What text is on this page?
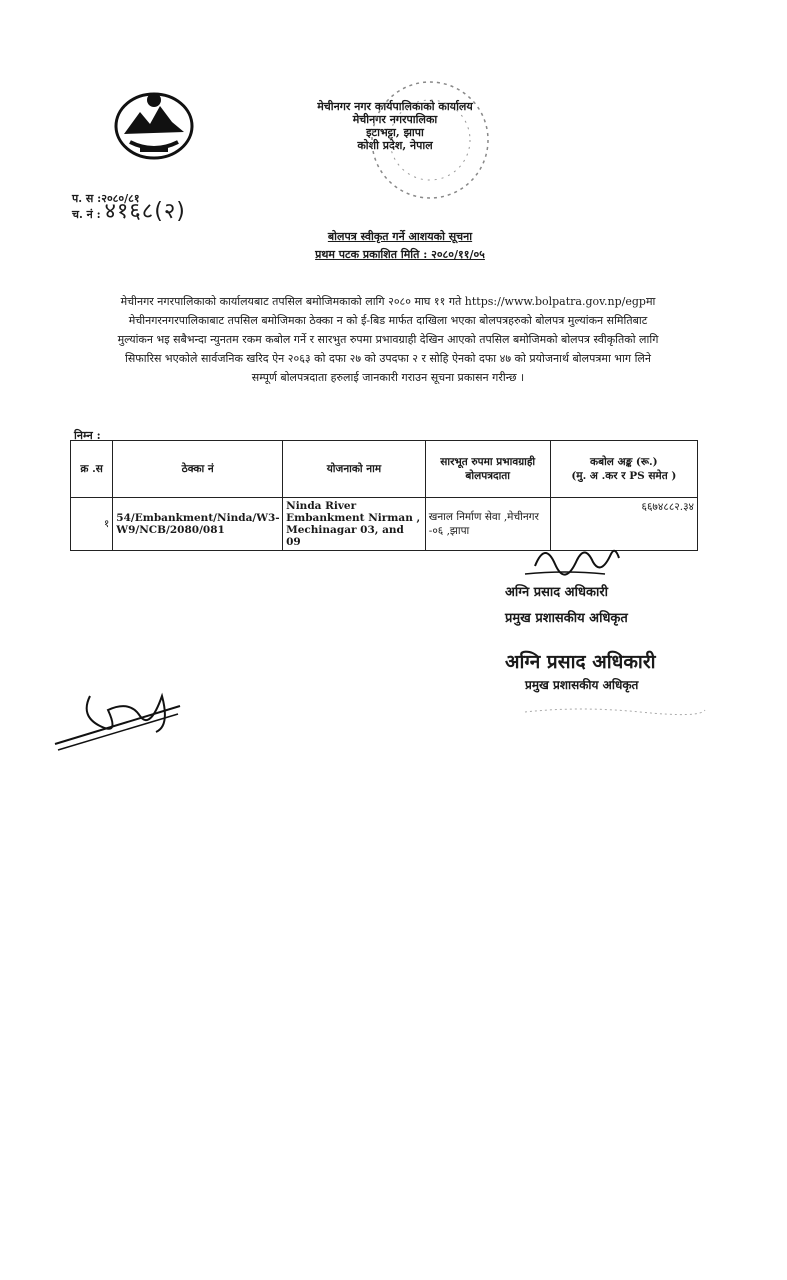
मेचीनगर नगर कार्यपालिकाको कार्यालय
मेचीनगर नगरपालिका
इटाभट्टा, झापा
कोशी प्रदेश, नेपाल
प. स :२०८०/८१
च. नं : ४१६८(२)
बोलपत्र स्वीकृत गर्ने आशयको सूचना
प्रथम पटक प्रकाशित मिति : २०८०/११/०५
मेचीनगर नगरपालिकाको कार्यालयबाट तपसिल बमोजिमकाको लागि २०८० माघ ११ गते https://www.bolpatra.gov.np/egpमा
मेचीनगरनगरपालिकाबाट तपसिल बमोजिमका ठेक्का न को ई-बिड मार्फत दाखिला भएका बोलपत्रहरुको बोलपत्र मुल्यांकन समितिबाट
मुल्यांकन भइ सबैभन्दा न्युनतम रकम कबोल गर्ने र सारभुत रुपमा प्रभावग्राही देखिन आएको तपसिल बमोजिमको बोलपत्र स्वीकृतिको लागि
सिफारिस भएकोले सार्वजनिक खरिद ऐन २०६३ को दफा २७ को उपदफा २ र सोहि ऐनको दफा ४७ को प्रयोजनार्थ बोलपत्रमा भाग लिने
सम्पूर्ण बोलपत्रदाता हरुलाई जानकारी गराउन सूचना प्रकासन गरीन्छ ।
निम्न :
क्र .स	ठेक्का नं	योजनाको नाम	सारभूत रुपमा प्रभावग्राही बोलपत्रदाता	कबोल अङ्क (रू.)
(मु. अ .कर र PS समेत )

१	54/Embankment/Ninda/W3-W9/NCB/2080/081	Ninda River Embankment Nirman , Mechinagar 03, and 09	खनाल निर्माण सेवा ,मेचीनगर -०६ ,झापा	६६७४८८२.३४
अग्नि प्रसाद अधिकारी
प्रमुख प्रशासकीय अधिकृत
अग्नि प्रसाद अधिकारी
प्रमुख प्रशासकीय अधिकृत
